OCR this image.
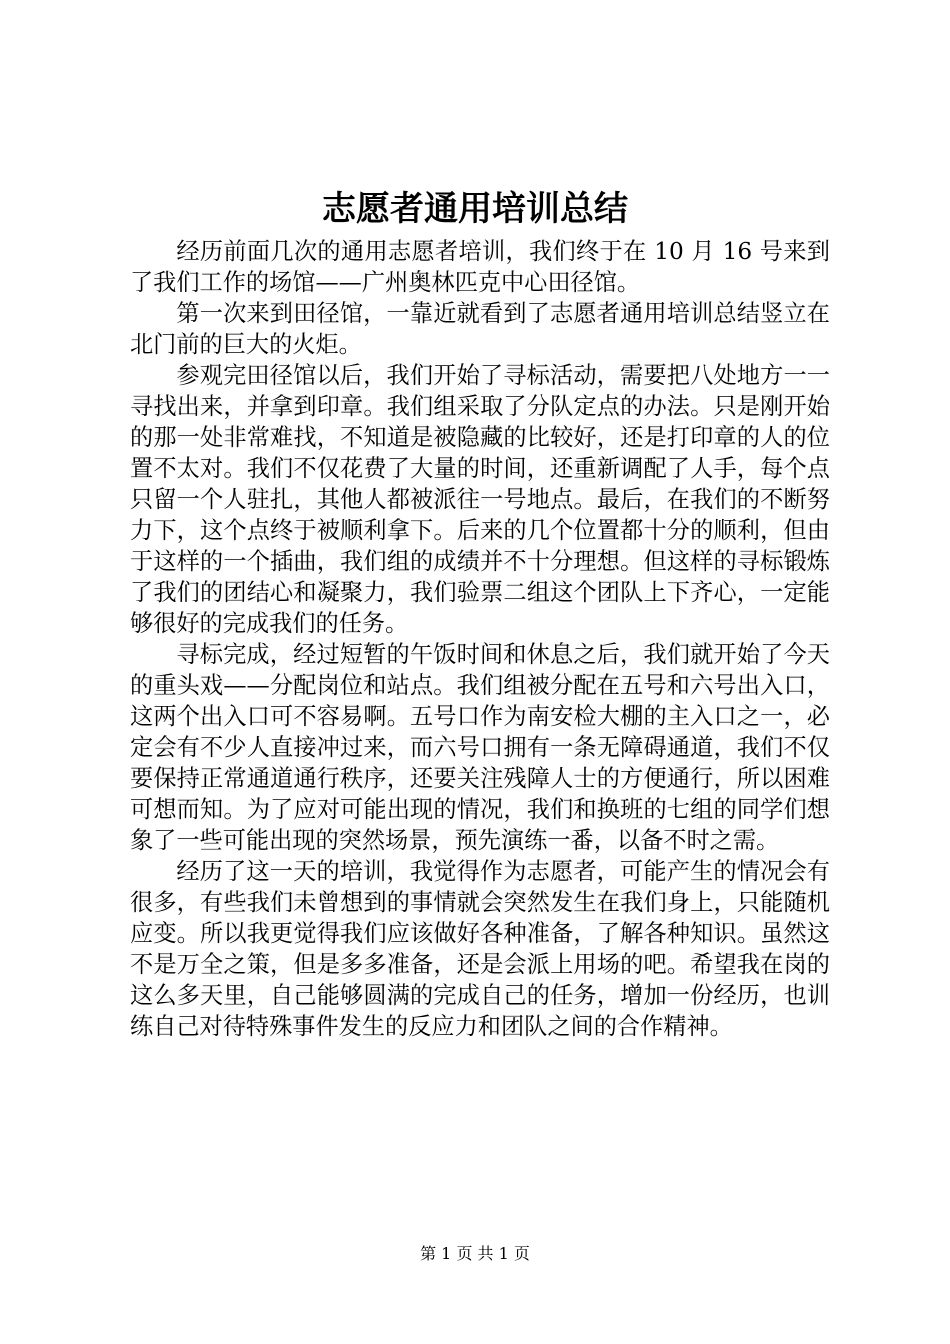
志愿者通用培训总结

经历前面几次的通用志愿者培训，我们终于在 10 月 16 号来到了我们工作的场馆——广州奥林匹克中心田径馆。

第一次来到田径馆，一靠近就看到了志愿者通用培训总结竖立在北门前的巨大的火炬。

参观完田径馆以后，我们开始了寻标活动，需要把八处地方一一寻找出来，并拿到印章。我们组采取了分队定点的办法。只是刚开始的那一处非常难找，不知道是被隐藏的比较好，还是打印章的人的位置不太对。我们不仅花费了大量的时间，还重新调配了人手，每个点只留一个人驻扎，其他人都被派往一号地点。最后，在我们的不断努力下，这个点终于被顺利拿下。后来的几个位置都十分的顺利，但由于这样的一个插曲，我们组的成绩并不十分理想。但这样的寻标锻炼了我们的团结心和凝聚力，我们验票二组这个团队上下齐心，一定能够很好的完成我们的任务。

寻标完成，经过短暂的午饭时间和休息之后，我们就开始了今天的重头戏——分配岗位和站点。我们组被分配在五号和六号出入口，这两个出入口可不容易啊。五号口作为南安检大棚的主入口之一，必定会有不少人直接冲过来，而六号口拥有一条无障碍通道，我们不仅要保持正常通道通行秩序，还要关注残障人士的方便通行，所以困难可想而知。为了应对可能出现的情况，我们和换班的七组的同学们想象了一些可能出现的突然场景，预先演练一番，以备不时之需。

经历了这一天的培训，我觉得作为志愿者，可能产生的情况会有很多，有些我们未曾想到的事情就会突然发生在我们身上，只能随机应变。所以我更觉得我们应该做好各种准备，了解各种知识。虽然这不是万全之策，但是多多准备，还是会派上用场的吧。希望我在岗的这么多天里，自己能够圆满的完成自己的任务，增加一份经历，也训练自己对待特殊事件发生的反应力和团队之间的合作精神。

第 1 页 共 1 页
